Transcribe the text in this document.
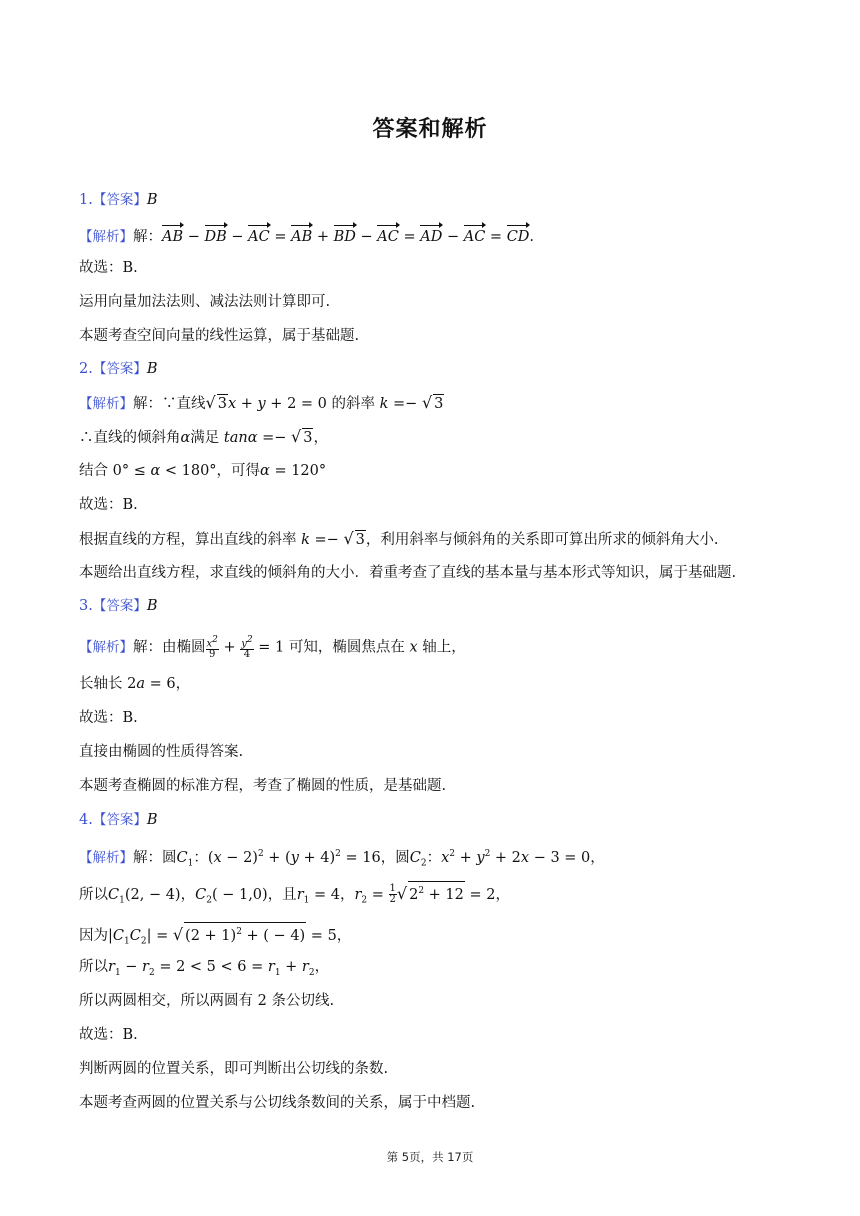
答案和解析
1.【答案】B
【解析】解：AB − DB − AC = AB + BD − AC = AD − AC = CD.
故选：B.
运用向量加法法则、减法法则计算即可.
本题考查空间向量的线性运算，属于基础题.
2.【答案】B
【解析】解：∵直线√ 3x + y + 2 = 0 的斜率 k =− √ 3
∴直线的倾斜角α满足 tanα =− √ 3，
结合 0° ≤ α < 180°，可得α = 120°
故选：B.
根据直线的方程，算出直线的斜率 k =− √ 3，利用斜率与倾斜角的关系即可算出所求的倾斜角大小.
本题给出直线方程，求直线的倾斜角的大小．着重考查了直线的基本量与基本形式等知识，属于基础题.
3.【答案】B
【解析】解：由椭圆 $\frac{x^2}{9} + \frac{y^2}{4} = 1$ 可知，椭圆焦点在 x 轴上，
长轴长 2a = 6，
故选：B.
直接由椭圆的性质得答案.
本题考查椭圆的标准方程，考查了椭圆的性质，是基础题.
4.【答案】B
【解析】解：圆$C_1$：$(x - 2)^2 + (y + 4)^2 = 16$，圆$C_2$：$x^2 + y^2 + 2x - 3 = 0$，
所以$C_1(2$, − 4)，$C_2( - 1,0)$，且$r_1 = 4$，$r_2 = \frac{1}{2}$ √ $2^2 + 12 = 2$，
因为$|C_1C_2|$ = √ $(2 + 1)^2$ + ( − 4) = 5，
所以$r_1 - r_2 = 2 < 5 < 6 = r_1 + r_2$，
所以两圆相交，所以两圆有 2 条公切线.
故选：B.
判断两圆的位置关系，即可判断出公切线的条数.
本题考查两圆的位置关系与公切线条数间的关系，属于中档题.
第 5页，共 17页
